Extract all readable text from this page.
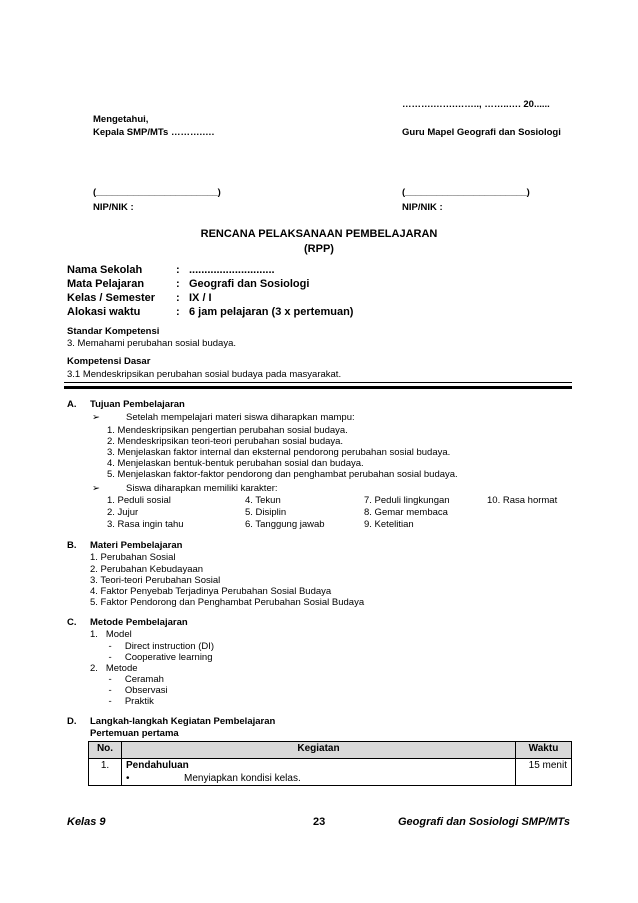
……….…….…….., ……..…. 20......
Mengetahui,
Kepala SMP/MTs ……….….	Guru Mapel Geografi dan Sosiologi
(_______________________)	(_______________________)
NIP/NIK :	NIP/NIK :
RENCANA PELAKSANAAN PEMBELAJARAN
(RPP)
Nama Sekolah	: ............................
Mata Pelajaran	: Geografi dan Sosiologi
Kelas / Semester : IX / I
Alokasi waktu	: 6 jam pelajaran (3 x pertemuan)
Standar Kompetensi
3. Memahami perubahan sosial budaya.
Kompetensi Dasar
3.1 Mendeskripsikan perubahan sosial budaya pada masyarakat.
A. Tujuan Pembelajaran
➢	Setelah mempelajari materi siswa diharapkan mampu:
1. Mendeskripsikan pengertian perubahan sosial budaya.
2. Mendeskripsikan teori-teori perubahan sosial budaya.
3. Menjelaskan faktor internal dan eksternal pendorong perubahan sosial budaya.
4. Menjelaskan bentuk-bentuk perubahan sosial dan budaya.
5. Menjelaskan faktor-faktor pendorong dan penghambat perubahan sosial budaya.
➢	Siswa diharapkan memiliki karakter:
1. Peduli sosial	4. Tekun	7. Peduli lingkungan	10. Rasa hormat
2. Jujur	5. Disiplin	8. Gemar membaca
3. Rasa ingin tahu	6. Tanggung jawab	9. Ketelitian
B. Materi Pembelajaran
1. Perubahan Sosial
2. Perubahan Kebudayaan
3. Teori-teori Perubahan Sosial
4. Faktor Penyebab Terjadinya Perubahan Sosial Budaya
5. Faktor Pendorong dan Penghambat Perubahan Sosial Budaya
C. Metode Pembelajaran
1.   Model
-     Direct instruction (DI)
-     Cooperative learning
2.   Metode
-     Ceramah
-     Observasi
-     Praktik
D. Langkah-langkah Kegiatan Pembelajaran
Pertemuan pertama
No.	Kegiatan	Waktu
1.	Pendahuluan
• Menyiapkan kondisi kelas.	15 menit
Kelas 9	23	Geografi dan Sosiologi SMP/MTs
